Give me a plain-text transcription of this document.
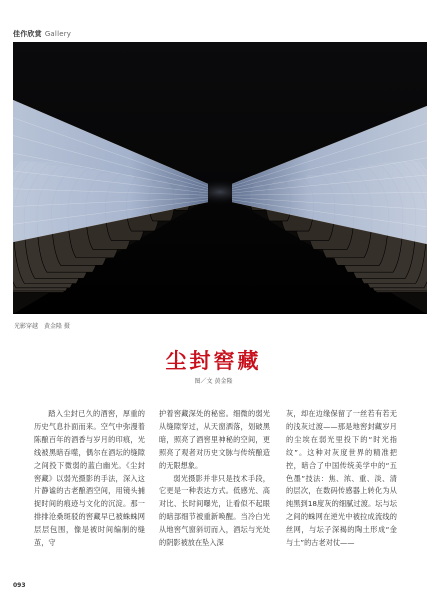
佳作欣赏 Gallery
光影穿越 黄金隆 摄
尘封窖藏
图／文 黄金隆
踏入尘封已久的酒窖，厚重的历史气息扑面而来。空气中弥漫着陈酿百年的酒香与岁月的印痕，光线被黑暗吞噬，偶尔在酒坛的缝隙之间投下微弱的蓝白幽光。《尘封窖藏》以弱光摄影的手法，深入这片静谧的古老酿酒空间，用镜头捕捉时间的痕迹与文化的沉淀。那一排排沧桑斑驳的窖藏早已被蛛蛛网层层包围，像是被时间编制的缝茧，守
护着窖藏深处的秘密。细微的弱光从缝隙穿过，从天窗洒落，划破黑暗，照亮了酒窖里神秘的空间，更照亮了观者对历史文脉与传统酿造的无限想象。
弱光摄影并非只是技术手段，它更是一种表达方式。低感光、高对比、长时间曝光，让看似不起眼的暗部细节被重新唤醒。当冷白光从地窖气窗斜切而入，酒坛与光处的阴影被放在坠入深
灰，却在边缘保留了一丝若有若无的浅灰过渡——那是地窖封藏岁月的尘埃在弱光里投下的“时光指纹”。这种对灰度世界的精准把控，暗合了中国传统美学中的“五色墨”技法：焦、浓、重、淡、清的层次，在数码传感器上转化为从纯黑到18度灰的细腻过渡。坛与坛之间的蛛网在逆光中被拉成流线的丝网，与坛子深褐的陶土形成“金与土”的古老对仗——
093
